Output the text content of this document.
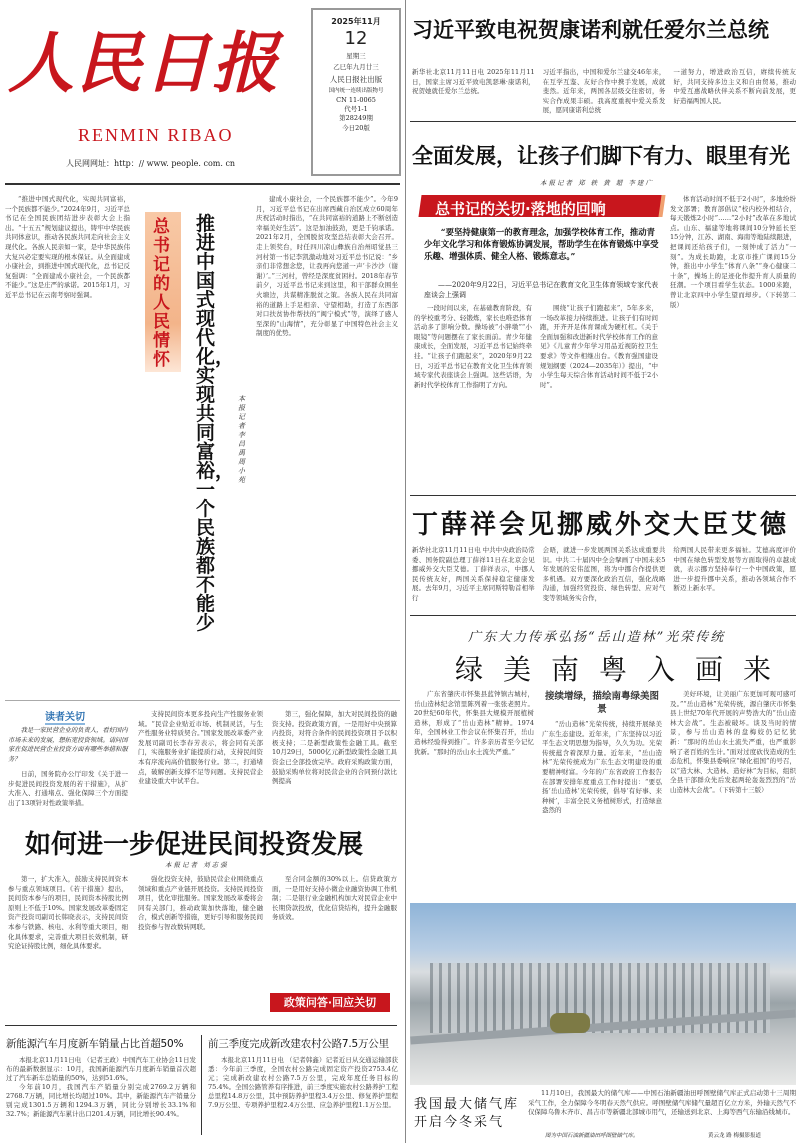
人民日报
RENMIN RIBAO
人民网网址：http：// www. people. com. cn
2025年11月
12
星期三
乙巳年九月廿三
人民日报社出版
国内统一连续出版物号
CN 11-0065
代号1-1
第28249期
今日20版
习近平致电祝贺康诺利就任爱尔兰总统
新华社北京11月11日电 2025年11月11日，国家主席习近平致电凯瑟琳·康诺利，祝贺她就任爱尔兰总统。
习近平指出，中国和爱尔兰建交46年来，在互学互鉴、友好合作中携手发展，成就斐然。近年来，两国各层级交往密切，务实合作成果丰硕。我高度重视中爱关系发展，愿同康诺利总统
一道努力，增进政治互信，赓续传统友好，共同支持多边主义和自由贸易，推动中爱互惠战略伙伴关系不断向前发展，更好造福两国人民。
全面发展，让孩子们脚下有力、眼里有光
本报记者 郑 轶 黄 超 李建广
总书记的关切·落地的回响
“要坚持健康第一的教育理念，加强学校体育工作，推动青少年文化学习和体育锻炼协调发展，帮助学生在体育锻炼中享受乐趣、增强体质、健全人格、锻炼意志。”
——2020年9月22日，习近平总书记在教育文化卫生体育领域专家代表座谈会上强调

一段时间以来，在基础教育阶段，有的学校重考分、轻锻炼，家长也唯恐体育活动多了影响分数。操场被“小胖墩”“小眼镜”等问题摆在了家长面前。青少年健康成长，全面发展，习近平总书记始终牵挂。“让孩子们跑起来”，2020年9月22日，习近平总书记在教育文化卫生体育领域专家代表座谈会上强调。这些话语，为新时代学校体育工作指明了方向。

围绕“让孩子们跑起来”，5年多来，一场改革接力持续推进。让孩子们有时间跑，开齐开足体育课成为硬杠杠。《关于全面加强和改进新时代学校体育工作的意见》《儿童青少年学习用品近视防控卫生要求》等文件相继出台。《教育强国建设规划纲要（2024—2035年）》提出，“中小学生每天综合体育活动时间不低于2小时”。

体育活动时间不低于2小时”，多地纷纷发文部署；教育部倡议“校内校外相结合，每天锻炼2小时”……“2小时”改革在多地试点。山东、福建等地将课间10分钟延长至15分钟，江苏、湖南、海南等地陆续跟进，把课间还给孩子们，一刻钟成了活力“一刻”。为成长助跑，北京市推广课间15分钟，推出中小学生“体育八条”“身心健康二十条”，操场上的足迹化作提升育人质量的狂潮。一个项目看学生状态。1000米跑，曾让北京四中小学生望而却步。（下转第二版）

“推进中国式现代化，实现共同富裕，一个民族都不能少。”2024年9月，习近平总书记在全国民族团结进步表彰大会上指出。“十五五”规划建议提出，铸牢中华民族共同体意识，推动各民族共同走向社会主义现代化。各族人民亲如一家，是中华民族伟大复兴必定要实现的根本保证。从全面建成小康社会，到推进中国式现代化，总书记反复强调：“全面建成小康社会，一个民族都不能少。”这是庄严的承诺。2015年1月，习近平总书记在云南考察时强调。

总书记的人民情怀
推进中国式现代化，实现共同富裕，一个民族都不能少
本报记者 李昌禹 周小苑

建成小康社会，一个民族都不能少”。今年9月，习近平总书记在出席西藏自治区成立60周年庆祝活动时指出，“在共同富裕的道路上不断创造幸福美好生活”。这是加油鼓劲，更是千钧承诺。2021年2月，全国脱贫攻坚总结表彰大会召开。走上领奖台，时任四川凉山彝族自治州昭觉县三河村第一书记李凯激动地对习近平总书记说：“乡亲们非常想念您，让我再向您道一声‘卡沙沙（谢谢）’。”三河村，曾经是深度贫困村。2018年春节前夕，习近平总书记来到这里，和干部群众围坐火塘边，共谋精准脱贫之策。各族人民在共同富裕的道路上手足相亲、守望相助，打造了东西部对口扶贫协作帮扶的“闽宁模式”等，演绎了感人至深的“山海情”，充分彰显了中国特色社会主义制度的优势。

读者关切
我是一家民营企业的负责人，看好国内市场未来的发展，想拓宽投资领域。请问国家在促进民营企业投资方面有哪些举措和服务？

日前，国务院办公厅印发《关于进一步促进民间投资发展的若干措施》，从扩大准入、打通堵点、强化保障三个方面提出了13项针对性政策举措。

支持民间资本更多投向生产性服务业领域。“民营企业贴近市场、机制灵活，与生产性服务业特质契合。”国家发展改革委产业发展司副司长李春芳表示，将会同有关部门，实施服务业扩能提质行动，支持民间资本有序流向高价值服务行业。第二，打通堵点，破解创新支撑不足等问题。支持民营企业建设重大中试平台。

第三，强化保障，加大对民间投资的融资支持。投资政策方面，一是用好中央预算内投资，对符合条件的民间投资项目予以积极支持；二是新型政策性金融工具。截至10月29日，5000亿元新型政策性金融工具资金已全部投放完毕。政府采购政策方面，鼓励采购单位将对民营企业的合同预付款比例提高

如何进一步促进民间投资发展
本报记者 刘志强

第一，扩大准入，鼓励支持民间资本参与重点领域项目。《若干措施》提出，民间资本参与的项目，民间资本持股比例原则上不低于10%。国家发展改革委固定资产投资司副司长韩晓表示，支持民间资本参与铁路、核电、水利等重大项目，细化具体要求，完善重大项目长效机制，研究论证持股比例，细化具体要求。

强化投资支持，鼓励民营企业围绕重点领域和重点产业链开展投资。支持民间投资项目，优化审批服务。国家发展改革委将会同有关部门，推动政策加快落地，健全融合，模式创新等措施，更好引导和服务民间投资参与智改数转网联。

至合同金额的30%以上。信贷政策方面，一是用好支持小微企业融资协调工作机制；二是银行业金融机构加大对民营企业中长期贷款投放，优化信贷结构，提升金融服务质效。

政策问答·回应关切
新能源汽车月度新车销量占比首超50%

本报北京11月11日电 （记者王政）中国汽车工业协会11日发布的最新数据显示：10月，我国新能源汽车月度新车销量首次超过了汽车新车总销量的50%，达到51.6%。

今年前10月，我国汽车产销量分别完成2769.2万辆和2768.7万辆，同比增长均超过10%。其中，新能源汽车产销量分别完成1301.5万辆和1294.3万辆，同比分别增长33.1%和32.7%；新能源汽车累计出口201.4万辆，同比增长90.4%。

前三季度完成新改建农村公路7.5万公里

本报北京11月11日电 （记者韩鑫）记者近日从交通运输部获悉：今年前三季度，全国农村公路完成固定资产投资2753.4亿元；完成新改建农村公路7.5万公里，完成年度任务目标的75.4%。全国公路管养有序推进，前三季度实施农村公路养护工程总里程14.8万公里，其中预防养护里程3.4万公里、修复养护里程7.9万公里、专项养护里程2.4万公里、应急养护里程1.1万公里。

丁薛祥会见挪威外交大臣艾德
新华社北京11月11日电 中共中央政治局常委、国务院副总理丁薛祥11日在北京会见挪威外交大臣艾德。丁薛祥表示，中挪人民传统友好，两国关系保持稳定健康发展。去年9月，习近平主席同斯特勒首相举行
会晤，就进一步发展两国关系达成重要共识。中共二十届四中全会擘画了中国未来5年发展的宏伟蓝图，将为中挪合作提供更多机遇。双方要深化政治互信，强化战略沟通，加强经贸投资、绿色转型、应对气变等领域务实合作，
给两国人民带来更多福祉。艾德高度评价中国在绿色转型发展等方面取得的卓越成就，表示挪方坚持奉行一个中国政策，愿进一步提升挪中关系，推动各领域合作不断迈上新水平。
广东大力传承弘扬“岳山造林”光荣传统
绿美南粤入画来

广东省肇庆市怀集县蓝钟镇古城村，岳山造林纪念馆里陈列着一张张老照片。20世纪60年代，怀集县大规模开展植树造林，形成了“岳山造林”精神。1974年，全国林业工作会议在怀集召开，岳山造林经验得到推广。许多亲历者至今记忆犹新。“那时的岳山水土流失严重。”

接续增绿，描绘南粤绿美图景

“岳山造林”光荣传统，持续开展绿美广东生态建设。近年来，广东坚持以习近平生态文明思想为指导，久久为功。光荣传统蕴含着深厚力量。近年来，“岳山造林”光荣传统成为广东生态文明建设的重要精神财富。今年的广东省政府工作报告在部署安排年度重点工作时提出：“要弘扬‘岳山造林’光荣传统，倡导‘有好事、来种树’，丰富全民义务植树形式，打造绿意盎然的

美好环境，让美丽广东更加可观可感可及。”“岳山造林”光荣传统，源自肇庆市怀集县上世纪70年代开展的声势浩大的“岳山造林大会战”。生态被破坏。谈及当时的情景，参与岳山造林的盘梅姣仍记忆犹新：“那时的岳山水土流失严重，也严重影响了老百姓的生计。”面对过度砍伐造成的生态危机，怀集县委响应“绿化祖国”的号召，以“造大林、大造林、造好林”为目标，组织全县干部群众先后发起两轮轰轰烈烈的“岳山造林大会战”。（下转第十三版）

我国最大储气库
开启今冬采气

11月10日，我国最大的储气库——中国石油新疆油田呼图壁储气库正式启动第十三周期采气工作，全力保障今冬明春天然气供应。呼图壁储气库储气量超百亿立方米，外输天然气不仅保障乌鲁木齐市、昌吉市等新疆北部城市用气，还输送到北京、上海等西气东输沿线城市。

图为中国石油新疆油田呼图壁储气库。	黄云龙 路 梅摄影报道
